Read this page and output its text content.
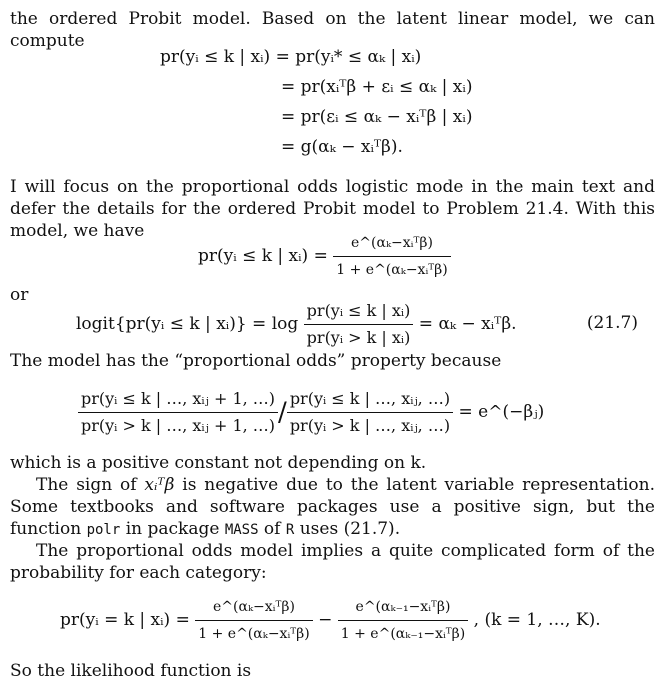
the ordered Probit model. Based on the latent linear model, we can compute

pr(yᵢ ≤ k | xᵢ) = pr(yᵢ* ≤ αₖ | xᵢ)
= pr(xᵢᵀβ + εᵢ ≤ αₖ | xᵢ)
= pr(εᵢ ≤ αₖ − xᵢᵀβ | xᵢ)
= g(αₖ − xᵢᵀβ).

I will focus on the proportional odds logistic mode in the main text and defer the details for the ordered Probit model to Problem 21.4. With this model, we have

pr(yᵢ ≤ k | xᵢ) = $\frac{\text{e\textasciicircum{}(αₖ−xᵢᵀβ)}}{\text{1 + e\textasciicircum{}(αₖ−xᵢᵀβ)}}$

or

logit{pr(yᵢ ≤ k | xᵢ)} = $\log \frac{\text{pr(yᵢ ≤ k | xᵢ)}}{\text{pr(yᵢ > k | xᵢ)}} = \alpha_k$ − xᵢᵀβ.	(21.7)

The model has the “proportional odds” property because

$\frac{\text{pr(yᵢ ≤ k | …, xᵢⱼ + 1, …)}}{\text{pr(yᵢ > k | …, xᵢⱼ + 1, …)}} / \frac{\text{pr(yᵢ ≤ k | …, xᵢⱼ, …)}}{\text{pr(yᵢ > k | …, xᵢⱼ, …)}}$ = e^(−βⱼ)

which is a positive constant not depending on k.

The sign of xᵢᵀβ is negative due to the latent variable representation. Some textbooks and software packages use a positive sign, but the function polr in package MASS of R uses (21.7).

The proportional odds model implies a quite complicated form of the probability for each category:

pr(yᵢ = k | xᵢ) = $\frac{\text{e\textasciicircum{}(αₖ−xᵢᵀβ)}}{\text{1 + e\textasciicircum{}(αₖ−xᵢᵀβ)}} - \frac{\text{e\textasciicircum{}(αₖ₋₁−xᵢᵀβ)}}{\text{1 + e\textasciicircum{}(αₖ₋₁−xᵢᵀβ)}}$ , (k = 1, …, K).

So the likelihood function is
